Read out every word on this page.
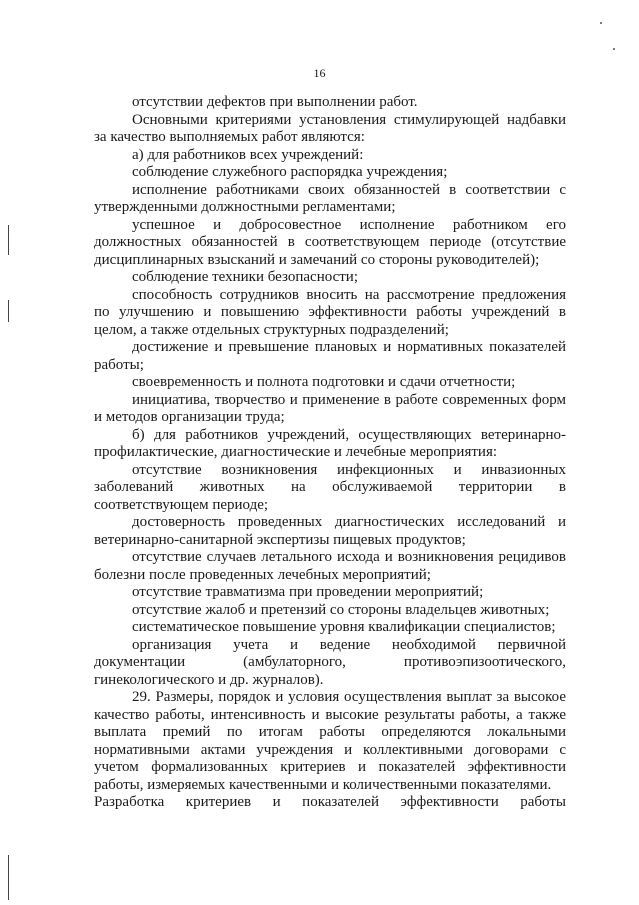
16

отсутствии дефектов при выполнении работ.

Основными критериями установления стимулирующей надбавки за качество выполняемых работ являются:

а) для работников всех учреждений:

соблюдение служебного распорядка учреждения;

исполнение работниками своих обязанностей в соответствии с утвержденными должностными регламентами;

успешное и добросовестное исполнение работником его должностных обязанностей в соответствующем периоде (отсутствие дисциплинарных взысканий и замечаний со стороны руководителей);

соблюдение техники безопасности;

способность сотрудников вносить на рассмотрение предложения по улучшению и повышению эффективности работы учреждений в целом, а также отдельных структурных подразделений;

достижение и превышение плановых и нормативных показателей работы;

своевременность и полнота подготовки и сдачи отчетности;

инициатива, творчество и применение в работе современных форм и методов организации труда;

б) для работников учреждений, осуществляющих ветеринарно-профилактические, диагностические и лечебные мероприятия:

отсутствие возникновения инфекционных и инвазионных заболеваний животных на обслуживаемой территории в соответствующем периоде;

достоверность проведенных диагностических исследований и ветеринарно-санитарной экспертизы пищевых продуктов;

отсутствие случаев летального исхода и возникновения рецидивов болезни после проведенных лечебных мероприятий;

отсутствие травматизма при проведении мероприятий;

отсутствие жалоб и претензий со стороны владельцев животных;

систематическое повышение уровня квалификации специалистов;

организация учета и ведение необходимой первичной документации (амбулаторного, противоэпизоотического, гинекологического и др. журналов).

29. Размеры, порядок и условия осуществления выплат за высокое качество работы, интенсивность и высокие результаты работы, а также выплата премий по итогам работы определяются локальными нормативными актами учреждения и коллективными договорами с учетом формализованных критериев и показателей эффективности работы, измеряемых качественными и количественными показателями.

Разработка критериев и показателей эффективности работы
